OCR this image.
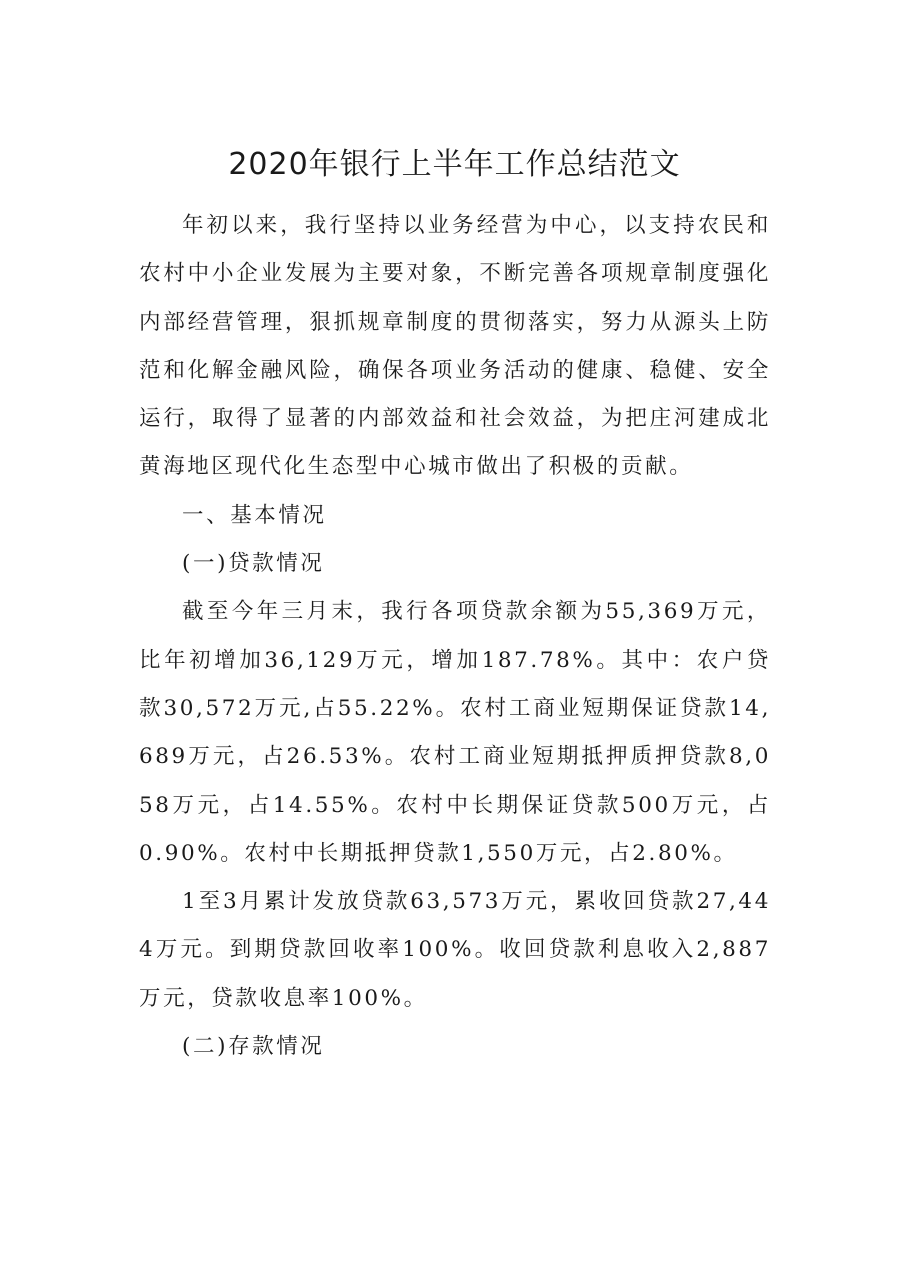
2020年银行上半年工作总结范文

年初以来，我行坚持以业务经营为中心，以支持农民和农村中小企业发展为主要对象，不断完善各项规章制度强化内部经营管理，狠抓规章制度的贯彻落实，努力从源头上防范和化解金融风险，确保各项业务活动的健康、稳健、安全运行，取得了显著的内部效益和社会效益，为把庄河建成北黄海地区现代化生态型中心城市做出了积极的贡献。

一、基本情况

(一)贷款情况

截至今年三月末，我行各项贷款余额为55,369万元，比年初增加36,129万元，增加187.78%。其中：农户贷款30,572万元,占55.22%。农村工商业短期保证贷款14,689万元，占26.53%。农村工商业短期抵押质押贷款8,058万元，占14.55%。农村中长期保证贷款500万元，占0.90%。农村中长期抵押贷款1,550万元，占2.80%。

1至3月累计发放贷款63,573万元，累收回贷款27,444万元。到期贷款回收率100%。收回贷款利息收入2,887万元，贷款收息率100%。

(二)存款情况
